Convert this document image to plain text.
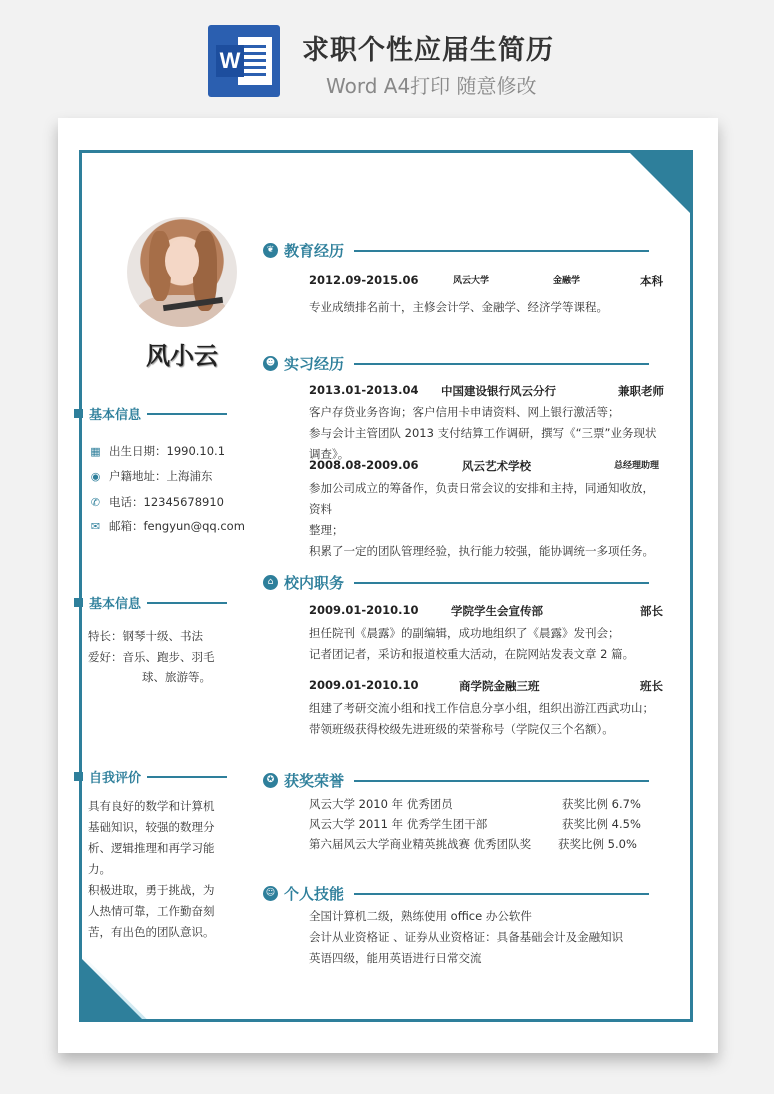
W 求职个性应届生简历
Word A4打印 随意修改
风小云
基本信息
▦ 出生日期：1990.10.1
◉ 户籍地址：上海浦东
✆ 电话：12345678910
✉ 邮箱：fengyun@qq.com
基本信息
特长：钢琴十级、书法
爱好：音乐、跑步、羽毛
球、旅游等。
自我评价
具有良好的数学和计算机
基础知识，较强的数理分
析、逻辑推理和再学习能
力。
积极进取，勇于挑战，为
人热情可靠，工作勤奋刻
苦，有出色的团队意识。
❦ 教育经历
2012.09-2015.06	风云大学	金融学	本科
专业成绩排名前十，主修会计学、金融学、经济学等课程。
☻ 实习经历
2013.01-2013.04 中国建设银行风云分行	兼职老师
客户存贷业务咨询；客户信用卡申请资料、网上银行激活等；
参与会计主管团队 2013 支付结算工作调研，撰写《“三票”业务现状调查》。
2008.08-2009.06	风云艺术学校	总经理助理
参加公司成立的筹备作，负责日常会议的安排和主持，同通知收放，资料
整理；
积累了一定的团队管理经验，执行能力较强，能协调统一多项任务。
⌂ 校内职务
2009.01-2010.10	学院学生会宣传部	部长
担任院刊《晨露》的副编辑，成功地组织了《晨露》发刊会；
记者团记者，采访和报道校重大活动，在院网站发表文章 2 篇。
2009.01-2010.10	商学院金融三班	班长
组建了考研交流小组和找工作信息分享小组，组织出游江西武功山；
带领班级获得校级先进班级的荣誉称号（学院仅三个名额）。
✪ 获奖荣誉
风云大学 2010 年 优秀团员	获奖比例 6.7%
风云大学 2011 年 优秀学生团干部	获奖比例 4.5%
第六届风云大学商业精英挑战赛 优秀团队奖 获奖比例 5.0%
☺ 个人技能
全国计算机二级，熟练使用 office 办公软件
会计从业资格证 、证券从业资格证：具备基础会计及金融知识
英语四级，能用英语进行日常交流
